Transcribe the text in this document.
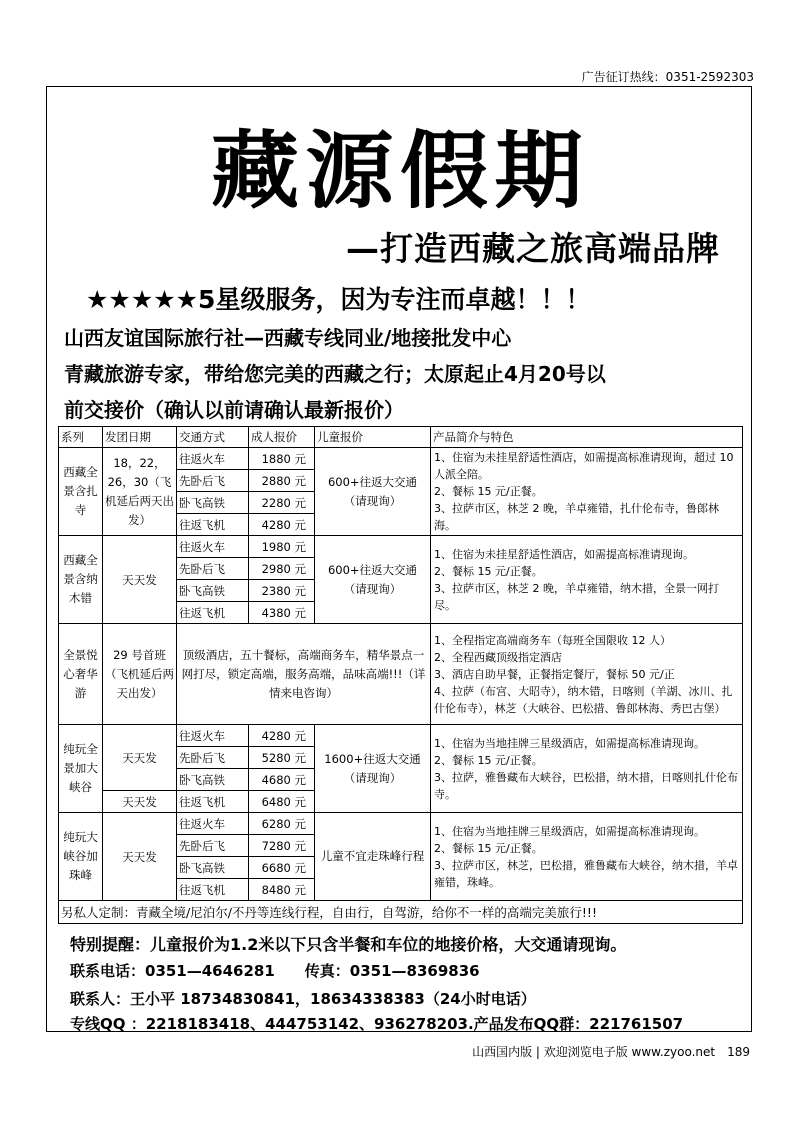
广告征订热线：0351-2592303
藏源假期
—打造西藏之旅高端品牌
★★★★★5星级服务，因为专注而卓越！！！
山西友谊国际旅行社—西藏专线同业/地接批发中心
青藏旅游专家，带给您完美的西藏之行；太原起止4月20号以
前交接价（确认以前请确认最新报价）
系列	发团日期	交通方式	成人报价	儿童报价	产品简介与特色
西藏全景含扎寺	18，22，26，30（飞机延后两天出发）	往返火车	1880 元	600+往返大交通（请现询）	1、住宿为未挂星舒适性酒店，如需提高标准请现询，超过 10 人派全陪。
2、餐标 15 元/正餐。
3、拉萨市区，林芝 2 晚，羊卓雍错，扎什伦布寺，鲁郎林海。
		先卧后飞	2880 元		
		卧飞高铁	2280 元		
		往返飞机	4280 元		
西藏全景含纳木错	天天发	往返火车	1980 元	600+往返大交通（请现询）	1、住宿为未挂星舒适性酒店，如需提高标准请现询。
2、餐标 15 元/正餐。
3、拉萨市区，林芝 2 晚，羊卓雍错，纳木措，全景一网打尽。
		先卧后飞	2980 元		
		卧飞高铁	2380 元		
		往返飞机	4380 元		
全景悦心奢华游	29 号首班（飞机延后两天出发）	顶级酒店，五十餐标，高端商务车，精华景点一网打尽，锁定高端，服务高端，品味高端!!!（详情来电咨询）			1、全程指定高端商务车（每班全国限收 12 人）
2、全程西藏顶级指定酒店
3、酒店自助早餐，正餐指定餐厅，餐标 50 元/正
4、拉萨（布宫、大昭寺），纳木错，日喀则（羊湖、冰川、扎什伦布寺），林芝（大峡谷、巴松措、鲁郎林海、秀巴古堡）
纯玩全景加大峡谷	天天发	往返火车	4280 元	1600+往返大交通（请现询）	1、住宿为当地挂牌三星级酒店，如需提高标准请现询。
2、餐标 15 元/正餐。
3、拉萨，雅鲁藏布大峡谷，巴松措，纳木措，日喀则扎什伦布寺。
		先卧后飞	5280 元		
		卧飞高铁	4680 元		
	天天发	往返飞机	6480 元		
纯玩大峡谷加珠峰	天天发	往返火车	6280 元	儿童不宜走珠峰行程	1、住宿为当地挂牌三星级酒店，如需提高标准请现询。
2、餐标 15 元/正餐。
3、拉萨市区，林芝，巴松措，雅鲁藏布大峡谷，纳木措，羊卓雍错，珠峰。
		先卧后飞	7280 元		
		卧飞高铁	6680 元		
		往返飞机	8480 元		
另私人定制：青藏全境/尼泊尔/不丹等连线行程，自由行，自驾游，给你不一样的高端完美旅行!!!					
特别提醒：儿童报价为1.2米以下只含半餐和车位的地接价格，大交通请现询。
联系电话：0351—4646281　　传真：0351—8369836
联系人：王小平 18734830841，18634338383（24小时电话）
专线QQ ：2218183418、444753142、936278203.产品发布QQ群：221761507
山西国内版 | 欢迎浏览电子版 www.zyoo.net　189
